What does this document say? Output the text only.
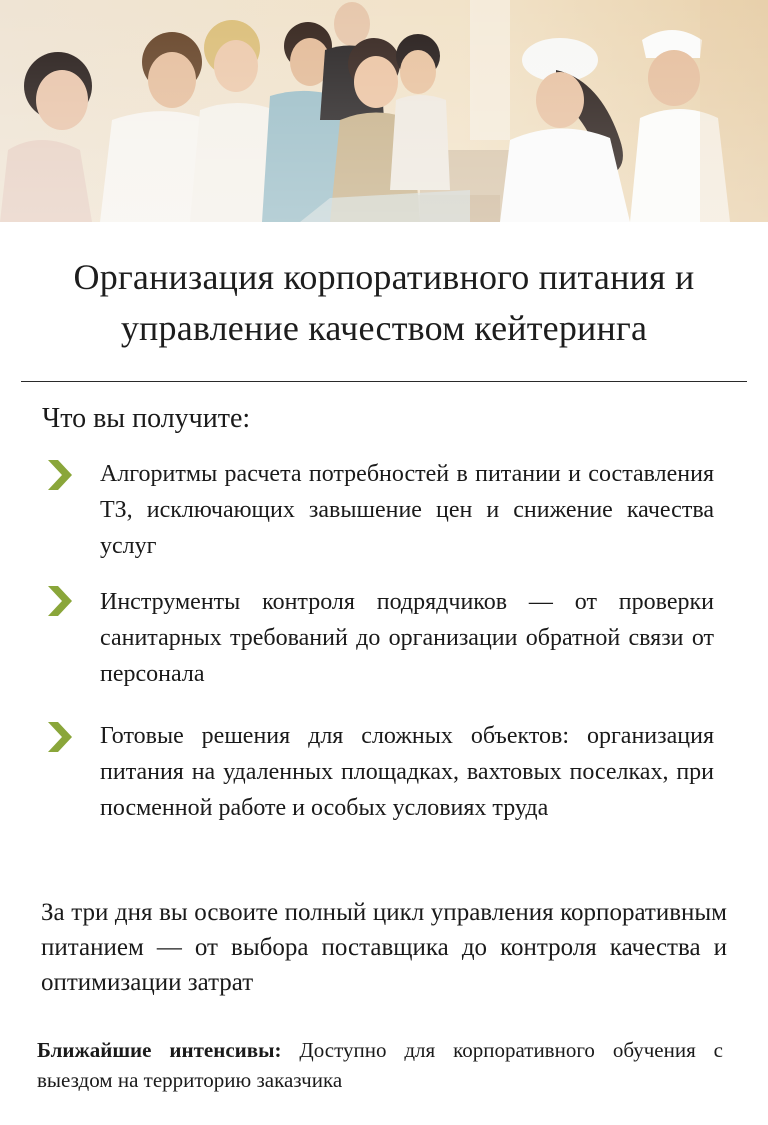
Организация корпоративного питания и
управление качеством кейтеринга
Что вы получите:
Алгоритмы расчета потребностей в питании и составления ТЗ, исключающих завышение цен и снижение качества услуг
Инструменты контроля подрядчиков — от проверки санитарных требований до организации обратной связи от персонала
Готовые решения для сложных объектов: организация питания на удаленных площадках, вахтовых поселках, при посменной работе и особых условиях труда
За три дня вы освоите полный цикл управления корпоративным питанием — от выбора поставщика до контроля качества и оптимизации затрат
Ближайшие интенсивы: Доступно для корпоративного обучения с выездом на территорию заказчика
